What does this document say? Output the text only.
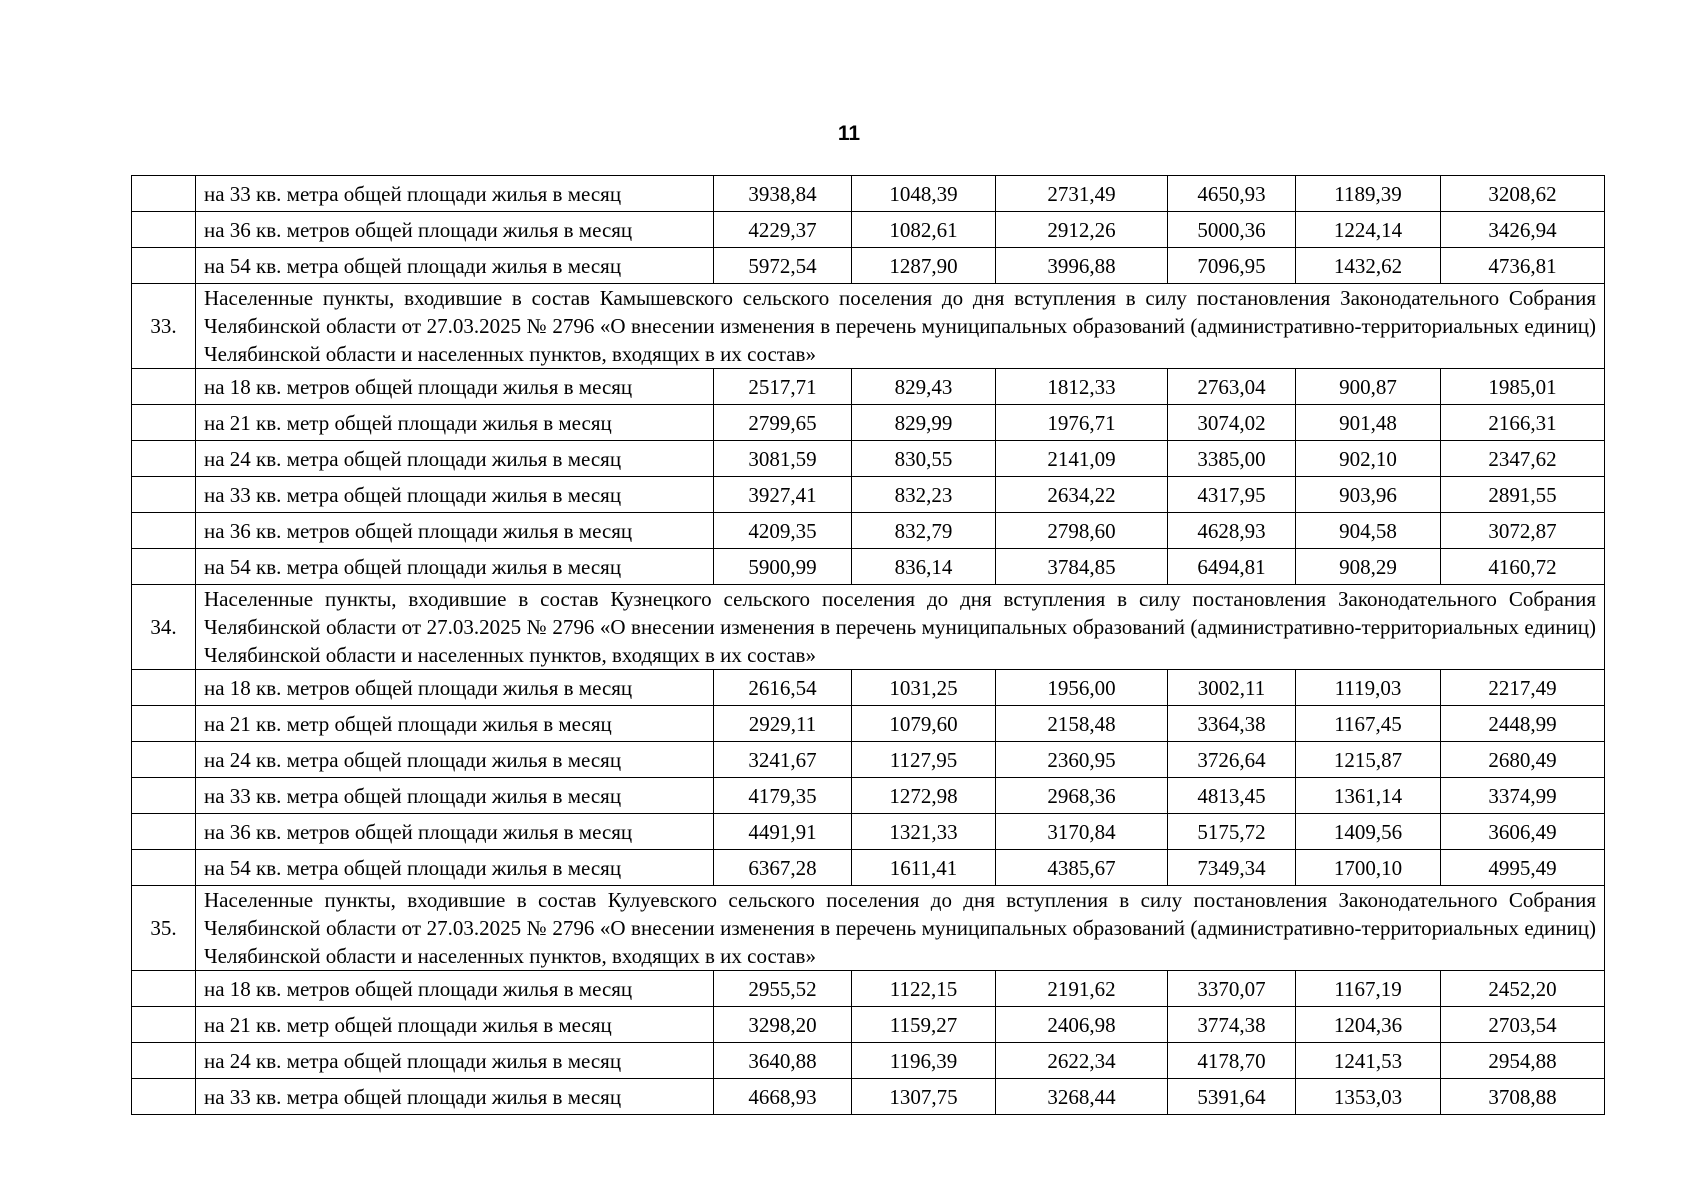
11
	на 33 кв. метра общей площади жилья в месяц	3938,84	1048,39	2731,49	4650,93	1189,39	3208,62
	на 36 кв. метров общей площади жилья в месяц	4229,37	1082,61	2912,26	5000,36	1224,14	3426,94
	на 54 кв. метра общей площади жилья в месяц	5972,54	1287,90	3996,88	7096,95	1432,62	4736,81
33.	Населенные пункты, входившие в состав Камышевского сельского поселения до дня вступления в силу постановления Законодательного Собрания Челябинской области от 27.03.2025 № 2796 «О внесении изменения в перечень муниципальных образований (административно-территориальных единиц) Челябинской области и населенных пунктов, входящих в их состав»						
	на 18 кв. метров общей площади жилья в месяц	2517,71	829,43	1812,33	2763,04	900,87	1985,01
	на 21 кв. метр общей площади жилья в месяц	2799,65	829,99	1976,71	3074,02	901,48	2166,31
	на 24 кв. метра общей площади жилья в месяц	3081,59	830,55	2141,09	3385,00	902,10	2347,62
	на 33 кв. метра общей площади жилья в месяц	3927,41	832,23	2634,22	4317,95	903,96	2891,55
	на 36 кв. метров общей площади жилья в месяц	4209,35	832,79	2798,60	4628,93	904,58	3072,87
	на 54 кв. метра общей площади жилья в месяц	5900,99	836,14	3784,85	6494,81	908,29	4160,72
34.	Населенные пункты, входившие в состав Кузнецкого сельского поселения до дня вступления в силу постановления Законодательного Собрания Челябинской области от 27.03.2025 № 2796 «О внесении изменения в перечень муниципальных образований (административно-территориальных единиц) Челябинской области и населенных пунктов, входящих в их состав»						
	на 18 кв. метров общей площади жилья в месяц	2616,54	1031,25	1956,00	3002,11	1119,03	2217,49
	на 21 кв. метр общей площади жилья в месяц	2929,11	1079,60	2158,48	3364,38	1167,45	2448,99
	на 24 кв. метра общей площади жилья в месяц	3241,67	1127,95	2360,95	3726,64	1215,87	2680,49
	на 33 кв. метра общей площади жилья в месяц	4179,35	1272,98	2968,36	4813,45	1361,14	3374,99
	на 36 кв. метров общей площади жилья в месяц	4491,91	1321,33	3170,84	5175,72	1409,56	3606,49
	на 54 кв. метра общей площади жилья в месяц	6367,28	1611,41	4385,67	7349,34	1700,10	4995,49
35.	Населенные пункты, входившие в состав Кулуевского сельского поселения до дня вступления в силу постановления Законодательного Собрания Челябинской области от 27.03.2025 № 2796 «О внесении изменения в перечень муниципальных образований (административно-территориальных единиц) Челябинской области и населенных пунктов, входящих в их состав»						
	на 18 кв. метров общей площади жилья в месяц	2955,52	1122,15	2191,62	3370,07	1167,19	2452,20
	на 21 кв. метр общей площади жилья в месяц	3298,20	1159,27	2406,98	3774,38	1204,36	2703,54
	на 24 кв. метра общей площади жилья в месяц	3640,88	1196,39	2622,34	4178,70	1241,53	2954,88
	на 33 кв. метра общей площади жилья в месяц	4668,93	1307,75	3268,44	5391,64	1353,03	3708,88
